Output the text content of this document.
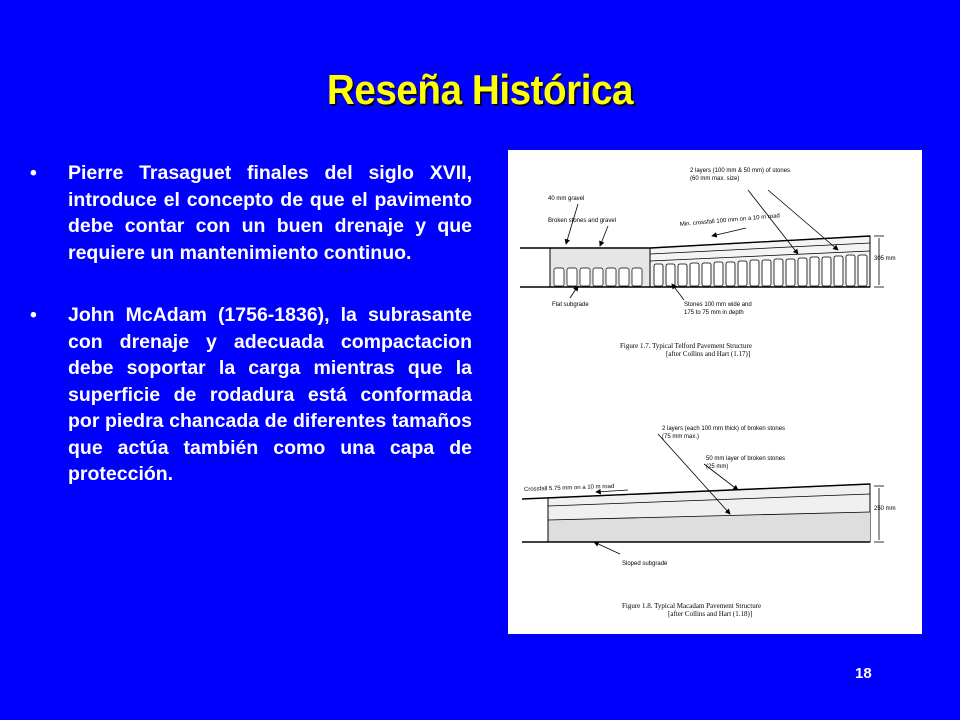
Reseña Histórica
• Pierre Trasaguet finales del siglo XVII, introduce el concepto de que el pavimento debe contar con un buen drenaje y que requiere un mantenimiento continuo.
• John McAdam (1756-1836), la subrasante con drenaje y adecuada compactacion debe soportar la carga mientras que la superficie de rodadura está conformada por piedra chancada de diferentes tamaños que actúa también como una capa de protección.
305 mm
2 layers (100 mm & 50 mm) of stones
(60 mm max. size)
40 mm gravel
Broken stones and gravel	Min. crossfall 100 mm on a 10 m road
Flat subgrade	Stones 100 mm wide and
175 to 75 mm in depth
Figure 1.7. Typical Telford Pavement Structure
[after Collins and Hart (1.17)]
250 mm
2 layers (each 100 mm thick) of broken stones
(75 mm max.)
50 mm layer of broken stones
(25 mm)
Crossfall 5.75 mm on a 10 m road
Sloped subgrade
Figure 1.8. Typical Macadam Pavement Structure
[after Collins and Hart (1.18)]
18
